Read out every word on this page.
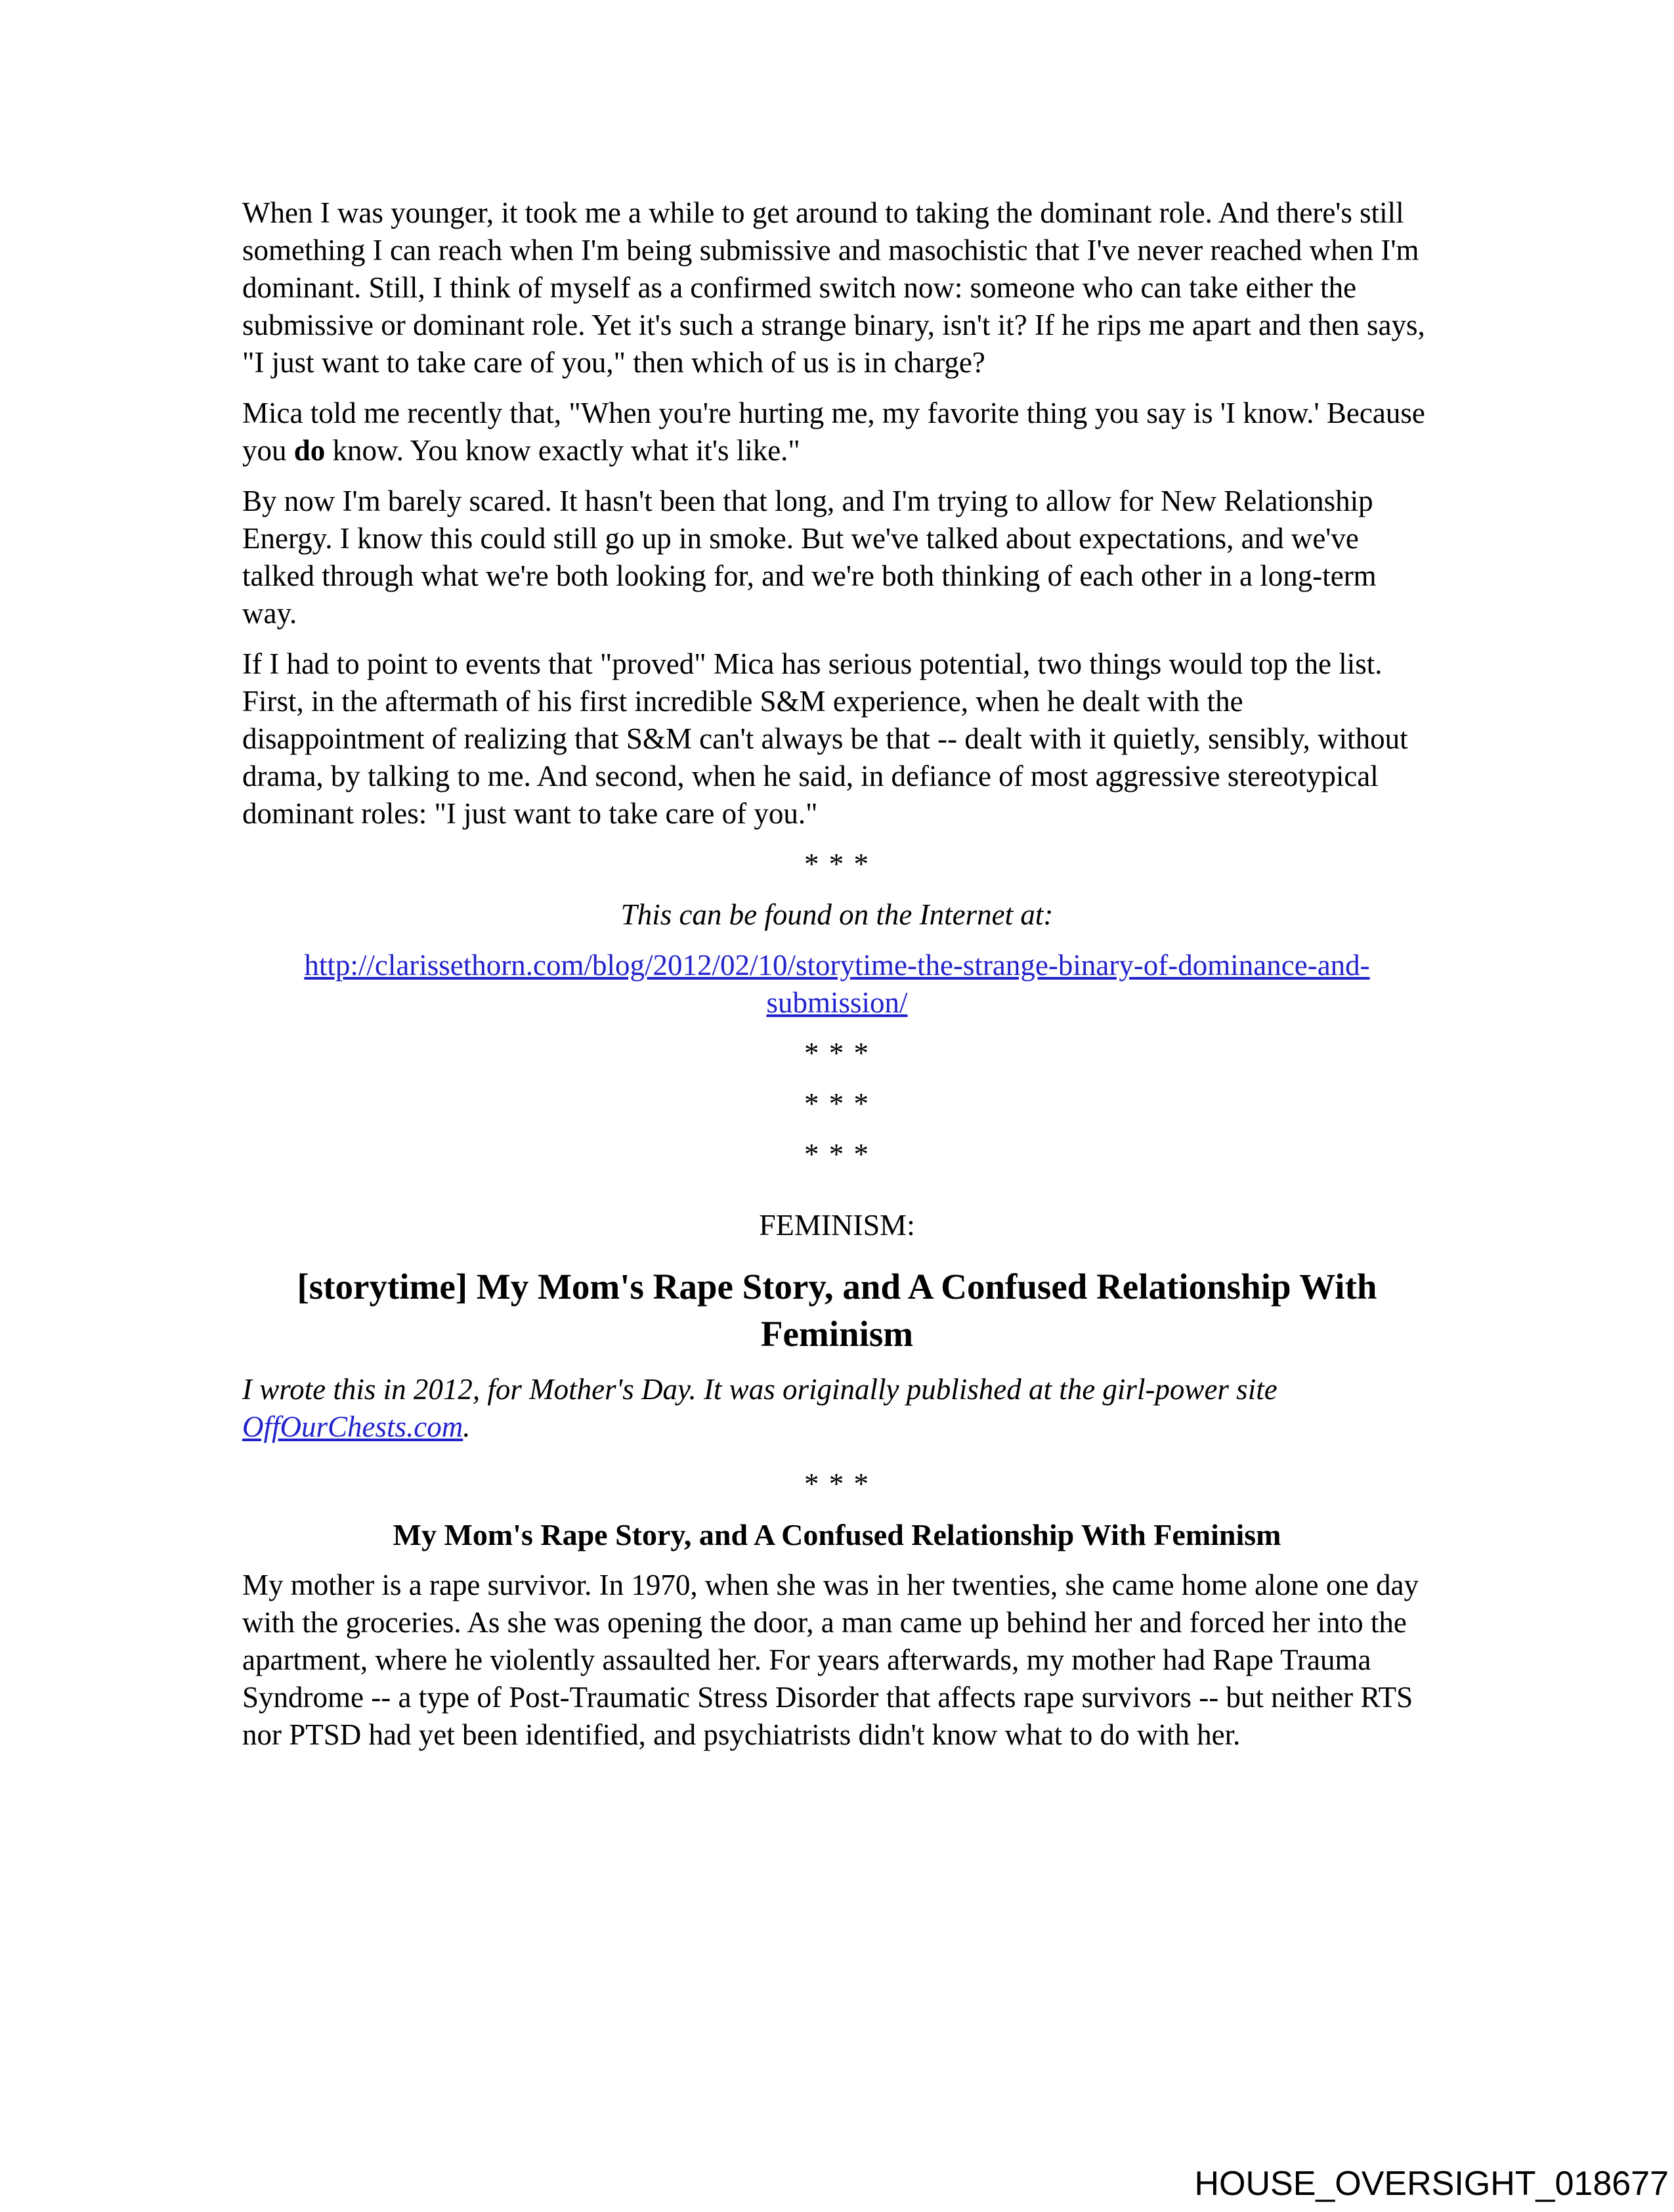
When I was younger, it took me a while to get around to taking the dominant role. And there's still something I can reach when I'm being submissive and masochistic that I've never reached when I'm dominant. Still, I think of myself as a confirmed switch now: someone who can take either the submissive or dominant role. Yet it's such a strange binary, isn't it? If he rips me apart and then says, "I just want to take care of you," then which of us is in charge?

Mica told me recently that, "When you're hurting me, my favorite thing you say is 'I know.' Because you do know. You know exactly what it's like."

By now I'm barely scared. It hasn't been that long, and I'm trying to allow for New Relationship Energy. I know this could still go up in smoke. But we've talked about expectations, and we've talked through what we're both looking for, and we're both thinking of each other in a long-term way.

If I had to point to events that "proved" Mica has serious potential, two things would top the list. First, in the aftermath of his first incredible S&M experience, when he dealt with the disappointment of realizing that S&M can't always be that -- dealt with it quietly, sensibly, without drama, by talking to me. And second, when he said, in defiance of most aggressive stereotypical dominant roles: "I just want to take care of you."

* * *

This can be found on the Internet at:

http://clarissethorn.com/blog/2012/02/10/storytime-the-strange-binary-of-dominance-and-submission/

* * *

* * *

* * *

FEMINISM:

[storytime] My Mom's Rape Story, and A Confused Relationship With Feminism

I wrote this in 2012, for Mother's Day. It was originally published at the girl-power site OffOurChests.com.

* * *

My Mom's Rape Story, and A Confused Relationship With Feminism

My mother is a rape survivor. In 1970, when she was in her twenties, she came home alone one day with the groceries. As she was opening the door, a man came up behind her and forced her into the apartment, where he violently assaulted her. For years afterwards, my mother had Rape Trauma Syndrome -- a type of Post-Traumatic Stress Disorder that affects rape survivors -- but neither RTS nor PTSD had yet been identified, and psychiatrists didn't know what to do with her.

HOUSE_OVERSIGHT_018677
